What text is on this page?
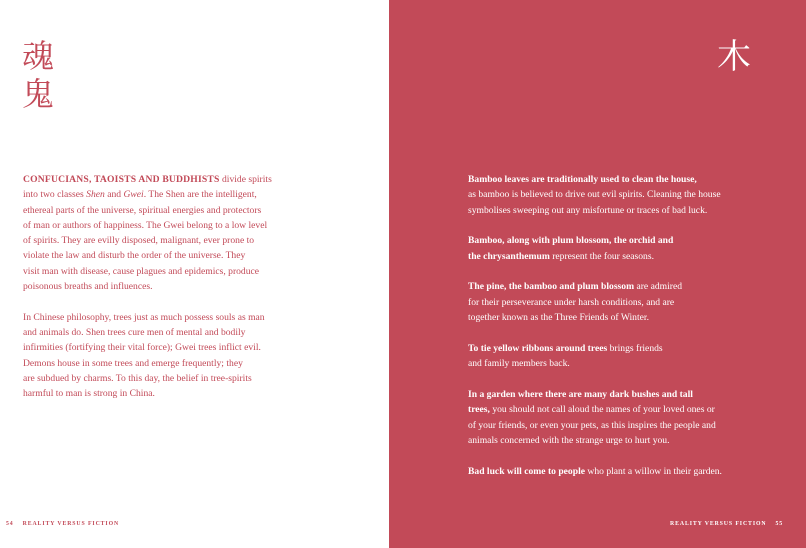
魂
鬼
CONFUCIANS, TAOISTS AND BUDDHISTS divide spirits
into two classes Shen and Gwei. The Shen are the intelligent,
ethereal parts of the universe, spiritual energies and protectors
of man or authors of happiness. The Gwei belong to a low level
of spirits. They are evilly disposed, malignant, ever prone to
violate the law and disturb the order of the universe. They
visit man with disease, cause plagues and epidemics, produce
poisonous breaths and influences.
In Chinese philosophy, trees just as much possess souls as man
and animals do. Shen trees cure men of mental and bodily
infirmities (fortifying their vital force); Gwei trees inflict evil.
Demons house in some trees and emerge frequently; they
are subdued by charms. To this day, the belief in tree-spirits
harmful to man is strong in China.
54 REALITY VERSUS FICTION
木
Bamboo leaves are traditionally used to clean the house,
as bamboo is believed to drive out evil spirits. Cleaning the house
symbolises sweeping out any misfortune or traces of bad luck.
Bamboo, along with plum blossom, the orchid and
the chrysanthemum represent the four seasons.
The pine, the bamboo and plum blossom are admired
for their perseverance under harsh conditions, and are
together known as the Three Friends of Winter.
To tie yellow ribbons around trees brings friends
and family members back.
In a garden where there are many dark bushes and tall
trees, you should not call aloud the names of your loved ones or
of your friends, or even your pets, as this inspires the people and
animals concerned with the strange urge to hurt you.
Bad luck will come to people who plant a willow in their garden.
REALITY VERSUS FICTION 55
